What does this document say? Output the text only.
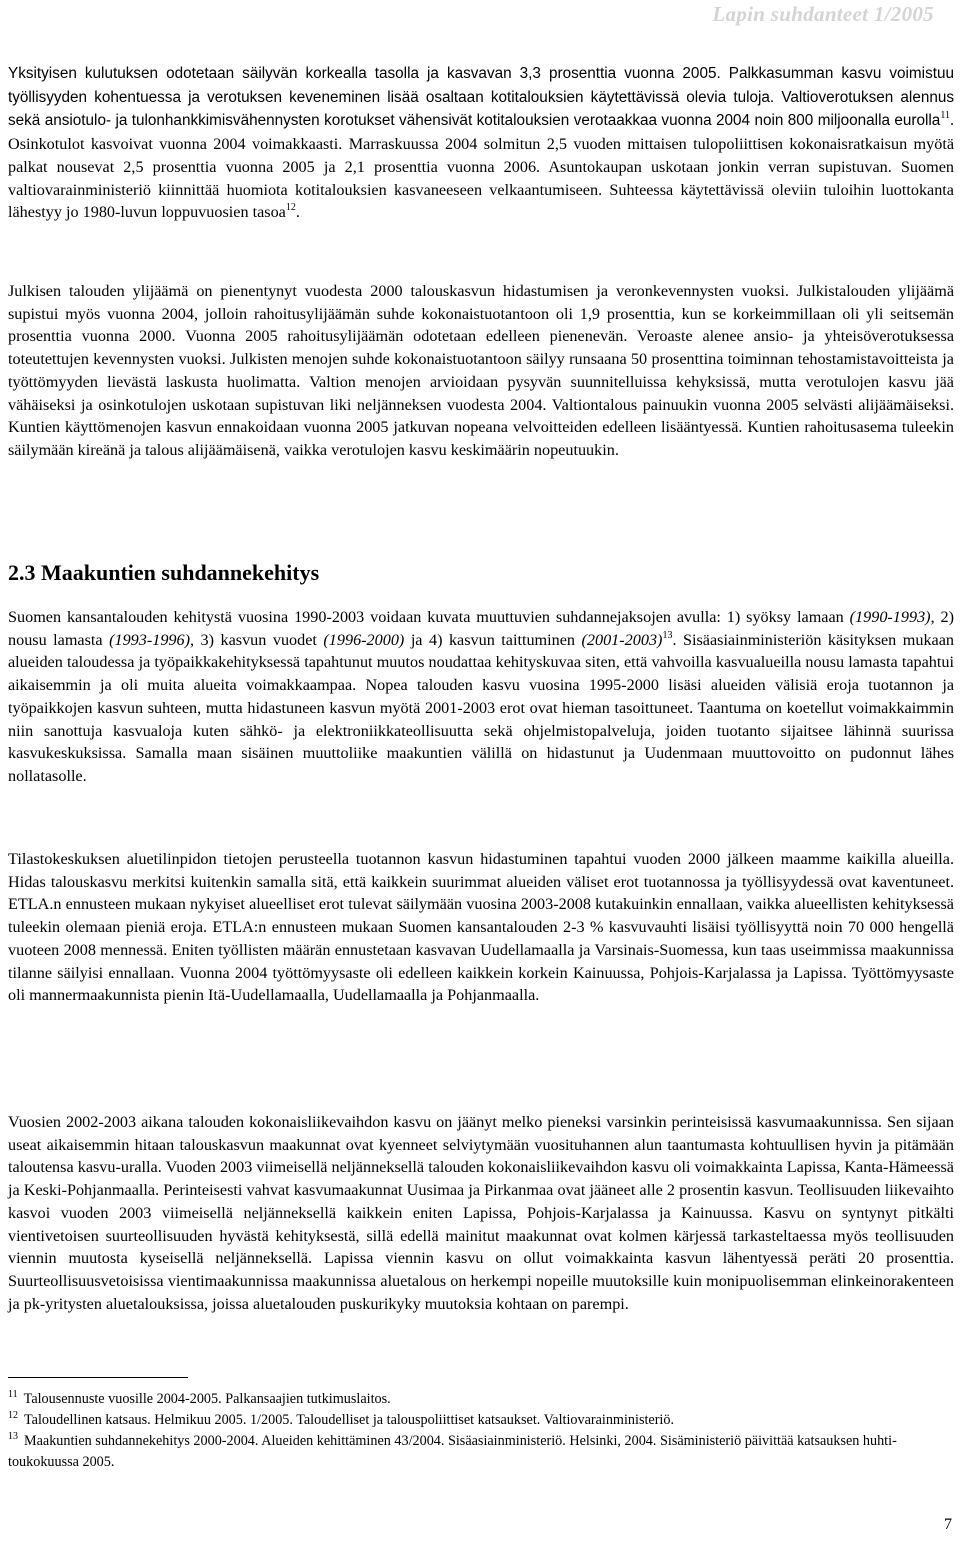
Lapin suhdanteet 1/2005

Yksityisen kulutuksen odotetaan säilyvän korkealla tasolla ja kasvavan 3,3 prosenttia vuonna 2005. Palkkasumman kasvu voimistuu työllisyyden kohentuessa ja verotuksen keveneminen lisää osaltaan kotitalouksien käytettävissä olevia tuloja. Valtioverotuksen alennus sekä ansiotulo- ja tulonhankkimisvähennysten korotukset vähensivät kotitalouksien verotaakkaa vuonna 2004 noin 800 miljoonalla eurolla$^{11}$. Osinkotulot kasvoivat vuonna 2004 voimakkaasti. Marraskuussa 2004 solmitun 2,5 vuoden mittaisen tulopoliittisen kokonaisratkaisun myötä palkat nousevat 2,5 prosenttia vuonna 2005 ja 2,1 prosenttia vuonna 2006. Asuntokaupan uskotaan jonkin verran supistuvan. Suomen valtiovarainministeriö kiinnittää huomiota kotitalouksien kasvaneeseen velkaantumiseen. Suhteessa käytettävissä oleviin tuloihin luottokanta lähestyy jo 1980-luvun loppuvuosien tasoa$^{12}$.

Julkisen talouden ylijäämä on pienentynyt vuodesta 2000 talouskasvun hidastumisen ja veronkevennysten vuoksi. Julkistalouden ylijäämä supistui myös vuonna 2004, jolloin rahoitusylijäämän suhde kokonaistuotantoon oli 1,9 prosenttia, kun se korkeimmillaan oli yli seitsemän prosenttia vuonna 2000. Vuonna 2005 rahoitusylijäämän odotetaan edelleen pienenevän. Veroaste alenee ansio- ja yhteisöverotuksessa toteutettujen kevennysten vuoksi. Julkisten menojen suhde kokonaistuotantoon säilyy runsaana 50 prosenttina toiminnan tehostamistavoitteista ja työttömyyden lievästä laskusta huolimatta. Valtion menojen arvioidaan pysyvän suunnitelluissa kehyksissä, mutta verotulojen kasvu jää vähäiseksi ja osinkotulojen uskotaan supistuvan liki neljänneksen vuodesta 2004. Valtiontalous painuukin vuonna 2005 selvästi alijäämäiseksi. Kuntien käyttömenojen kasvun ennakoidaan vuonna 2005 jatkuvan nopeana velvoitteiden edelleen lisääntyessä. Kuntien rahoitusasema tuleekin säilymään kireänä ja talous alijäämäisenä, vaikka verotulojen kasvu keskimäärin nopeutuukin.

2.3 Maakuntien suhdannekehitys

Suomen kansantalouden kehitystä vuosina 1990-2003 voidaan kuvata muuttuvien suhdannejaksojen avulla: 1) syöksy lamaan (1990-1993), 2) nousu lamasta (1993-1996), 3) kasvun vuodet (1996-2000) ja 4) kasvun taittuminen (2001-2003)$^{13}$. Sisäasiainministeriön käsityksen mukaan alueiden taloudessa ja työpaikkakehityksessä tapahtunut muutos noudattaa kehityskuvaa siten, että vahvoilla kasvualueilla nousu lamasta tapahtui aikaisemmin ja oli muita alueita voimakkaampaa. Nopea talouden kasvu vuosina 1995-2000 lisäsi alueiden välisiä eroja tuotannon ja työpaikkojen kasvun suhteen, mutta hidastuneen kasvun myötä 2001-2003 erot ovat hieman tasoittuneet. Taantuma on koetellut voimakkaimmin niin sanottuja kasvualoja kuten sähkö- ja elektroniikkateollisuutta sekä ohjelmistopalveluja, joiden tuotanto sijaitsee lähinnä suurissa kasvukeskuksissa. Samalla maan sisäinen muuttoliike maakuntien välillä on hidastunut ja Uudenmaan muuttovoitto on pudonnut lähes nollatasolle.

Tilastokeskuksen aluetilinpidon tietojen perusteella tuotannon kasvun hidastuminen tapahtui vuoden 2000 jälkeen maamme kaikilla alueilla. Hidas talouskasvu merkitsi kuitenkin samalla sitä, että kaikkein suurimmat alueiden väliset erot tuotannossa ja työllisyydessä ovat kaventuneet. ETLA.n ennusteen mukaan nykyiset alueelliset erot tulevat säilymään vuosina 2003-2008 kutakuinkin ennallaan, vaikka alueellisten kehityksessä tuleekin olemaan pieniä eroja. ETLA:n ennusteen mukaan Suomen kansantalouden 2-3 % kasvuvauhti lisäisi työllisyyttä noin 70 000 hengellä vuoteen 2008 mennessä. Eniten työllisten määrän ennustetaan kasvavan Uudellamaalla ja Varsinais-Suomessa, kun taas useimmissa maakunnissa tilanne säilyisi ennallaan. Vuonna 2004 työttömyysaste oli edelleen kaikkein korkein Kainuussa, Pohjois-Karjalassa ja Lapissa. Työttömyysaste oli mannermaakunnista pienin Itä-Uudellamaalla, Uudellamaalla ja Pohjanmaalla.

Vuosien 2002-2003 aikana talouden kokonaisliikevaihdon kasvu on jäänyt melko pieneksi varsinkin perinteisissä kasvumaakunnissa. Sen sijaan useat aikaisemmin hitaan talouskasvun maakunnat ovat kyenneet selviytymään vuosituhannen alun taantumasta kohtuullisen hyvin ja pitämään taloutensa kasvu-uralla. Vuoden 2003 viimeisellä neljänneksellä talouden kokonaisliikevaihdon kasvu oli voimakkainta Lapissa, Kanta-Hämeessä ja Keski-Pohjanmaalla. Perinteisesti vahvat kasvumaakunnat Uusimaa ja Pirkanmaa ovat jääneet alle 2 prosentin kasvun. Teollisuuden liikevaihto kasvoi vuoden 2003 viimeisellä neljänneksellä kaikkein eniten Lapissa, Pohjois-Karjalassa ja Kainuussa. Kasvu on syntynyt pitkälti vientivetoisen suurteollisuuden hyvästä kehityksestä, sillä edellä mainitut maakunnat ovat kolmen kärjessä tarkasteltaessa myös teollisuuden viennin muutosta kyseisellä neljänneksellä. Lapissa viennin kasvu on ollut voimakkainta kasvun lähentyessä peräti 20 prosenttia. Suurteollisuusvetoisissa vientimaakunnissa maakunnissa aluetalous on herkempi nopeille muutoksille kuin monipuolisemman elinkeinorakenteen ja pk-yritysten aluetalouksissa, joissa aluetalouden puskurikyky muutoksia kohtaan on parempi.

$^{11}$ Talousennuste vuosille 2004-2005. Palkansaajien tutkimuslaitos.

$^{12}$ Taloudellinen katsaus. Helmikuu 2005. 1/2005. Taloudelliset ja talouspoliittiset katsaukset. Valtiovarainministeriö.

$^{13}$ Maakuntien suhdannekehitys 2000-2004. Alueiden kehittäminen 43/2004. Sisäasiainministeriö. Helsinki, 2004. Sisäministeriö päivittää katsauksen huhti-toukokuussa 2005.

7
